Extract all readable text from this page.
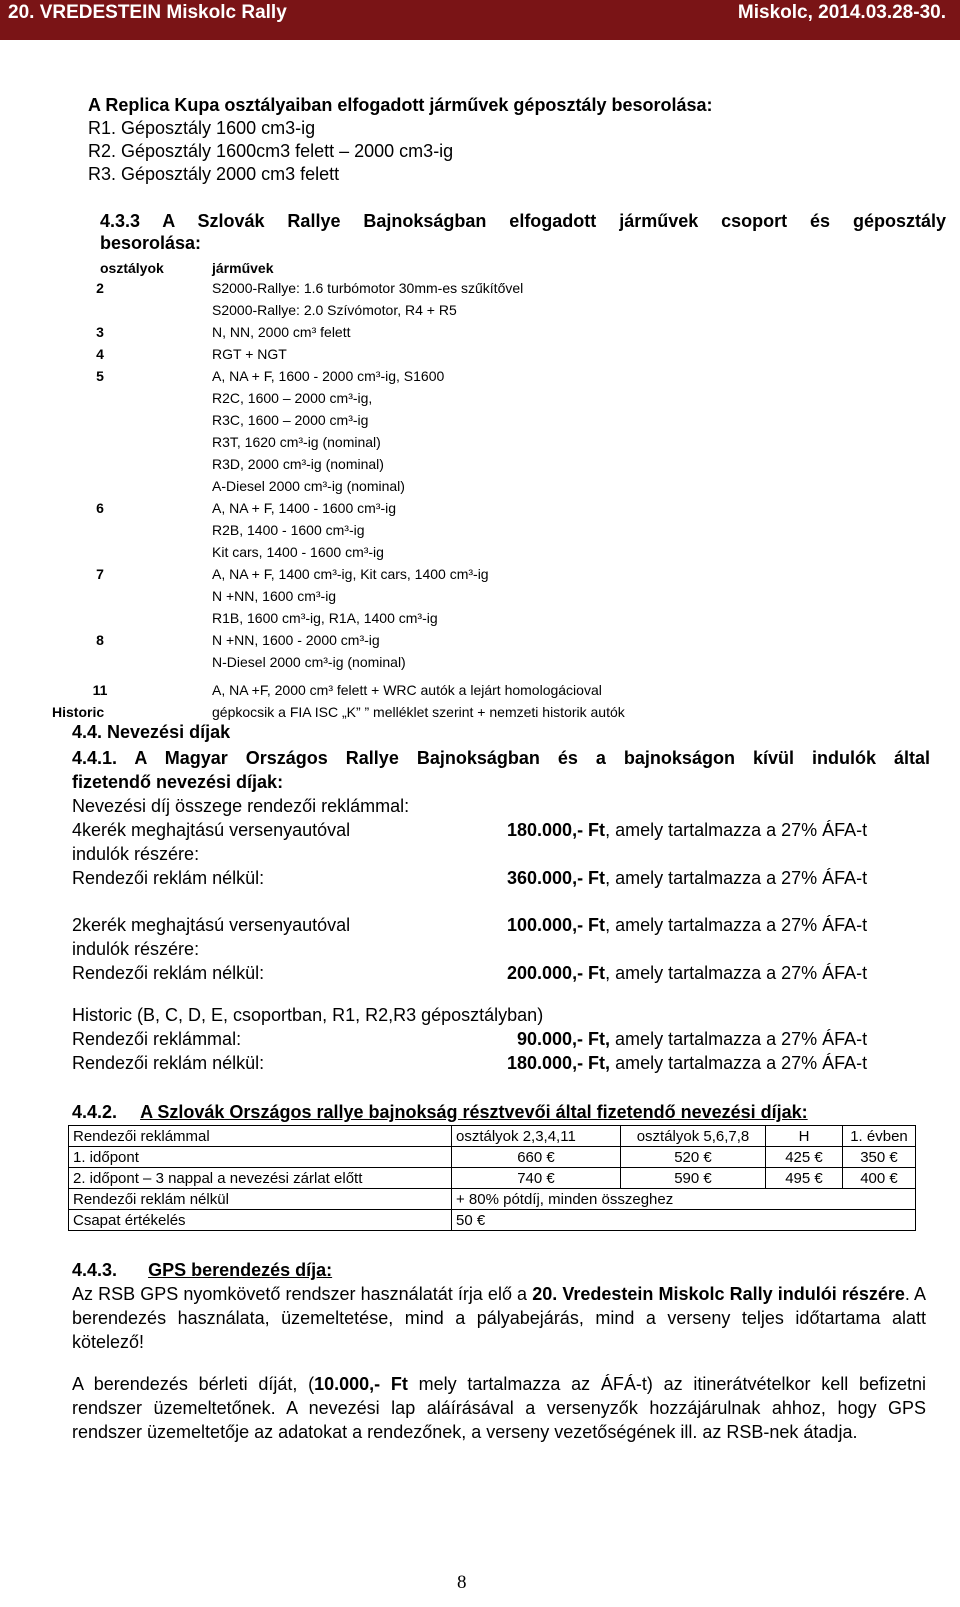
20. VREDESTEIN Miskolc Rally	Miskolc, 2014.03.28-30.
A Replica Kupa osztályaiban elfogadott járművek géposztály besorolása:
R1. Géposztály 1600 cm3-ig
R2. Géposztály 1600cm3 felett – 2000 cm3-ig
R3. Géposztály 2000 cm3 felett
4.3.3 A Szlovák Rallye Bajnokságban elfogadott járművek csoport és géposztály
besorolása:
osztályok	járművek
2	S2000-Rallye: 1.6 turbómotor 30mm-es szűkítővel
S2000-Rallye: 2.0 Szívómotor, R4 + R5
3	N, NN, 2000 cm³ felett
4	RGT + NGT
5	A, NA + F, 1600 - 2000 cm³-ig, S1600
R2C, 1600 – 2000 cm³-ig,
R3C, 1600 – 2000 cm³-ig
R3T, 1620 cm³-ig (nominal)
R3D, 2000 cm³-ig (nominal)
A-Diesel 2000 cm³-ig (nominal)
6	A, NA + F, 1400 - 1600 cm³-ig
R2B, 1400 - 1600 cm³-ig
Kit cars, 1400 - 1600 cm³-ig
7	A, NA + F, 1400 cm³-ig, Kit cars, 1400 cm³-ig
N +NN, 1600 cm³-ig
R1B, 1600 cm³-ig, R1A, 1400 cm³-ig
8	N +NN, 1600 - 2000 cm³-ig
N-Diesel 2000 cm³-ig (nominal)
11	A, NA +F, 2000 cm³ felett + WRC autók a lejárt homologácioval
Historic	gépkocsik a FIA ISC „K” ” melléklet szerint + nemzeti historik autók
4.4. Nevezési díjak
4.4.1. A Magyar Országos Rallye Bajnokságban és a bajnokságon kívül indulók által
fizetendő nevezési díjak:
Nevezési díj összege rendezői reklámmal:
4kerék meghajtású versenyautóval	180.000,- Ft, amely tartalmazza a 27% ÁFA-t
indulók részére:
Rendezői reklám nélkül:	360.000,- Ft, amely tartalmazza a 27% ÁFA-t
2kerék meghajtású versenyautóval	100.000,- Ft, amely tartalmazza a 27% ÁFA-t
indulók részére:
Rendezői reklám nélkül:	200.000,- Ft, amely tartalmazza a 27% ÁFA-t
Historic (B, C, D, E, csoportban, R1, R2,R3 géposztályban)
Rendezői reklámmal:	90.000,- Ft, amely tartalmazza a 27% ÁFA-t
Rendezői reklám nélkül:	180.000,- Ft, amely tartalmazza a 27% ÁFA-t
4.4.2. A Szlovák Országos rallye bajnokság résztvevői által fizetendő nevezési díjak:
Rendezői reklámmal	osztályok 2,3,4,11	osztályok 5,6,7,8	H	1. évben
1. időpont	660 €	520 €	425 €	350 €
2. időpont – 3 nappal a nevezési zárlat előtt	740 €	590 €	495 €	400 €
Rendezői reklám nélkül	+ 80% pótdíj, minden összeghez			
Csapat értékelés	50 €			
4.4.3. GPS berendezés díja:
Az RSB GPS nyomkövető rendszer használatát írja elő a 20. Vredestein Miskolc Rally indulói részére. A berendezés használata, üzemeltetése, mind a pályabejárás, mind a verseny teljes időtartama alatt kötelező!
A berendezés bérleti díját, (10.000,- Ft mely tartalmazza az ÁFÁ-t) az itinerátvételkor kell befizetni rendszer üzemeltetőnek. A nevezési lap aláírásával a versenyzők hozzájárulnak ahhoz, hogy GPS rendszer üzemeltetője az adatokat a rendezőnek, a verseny vezetőségének ill. az RSB-nek átadja.
8
